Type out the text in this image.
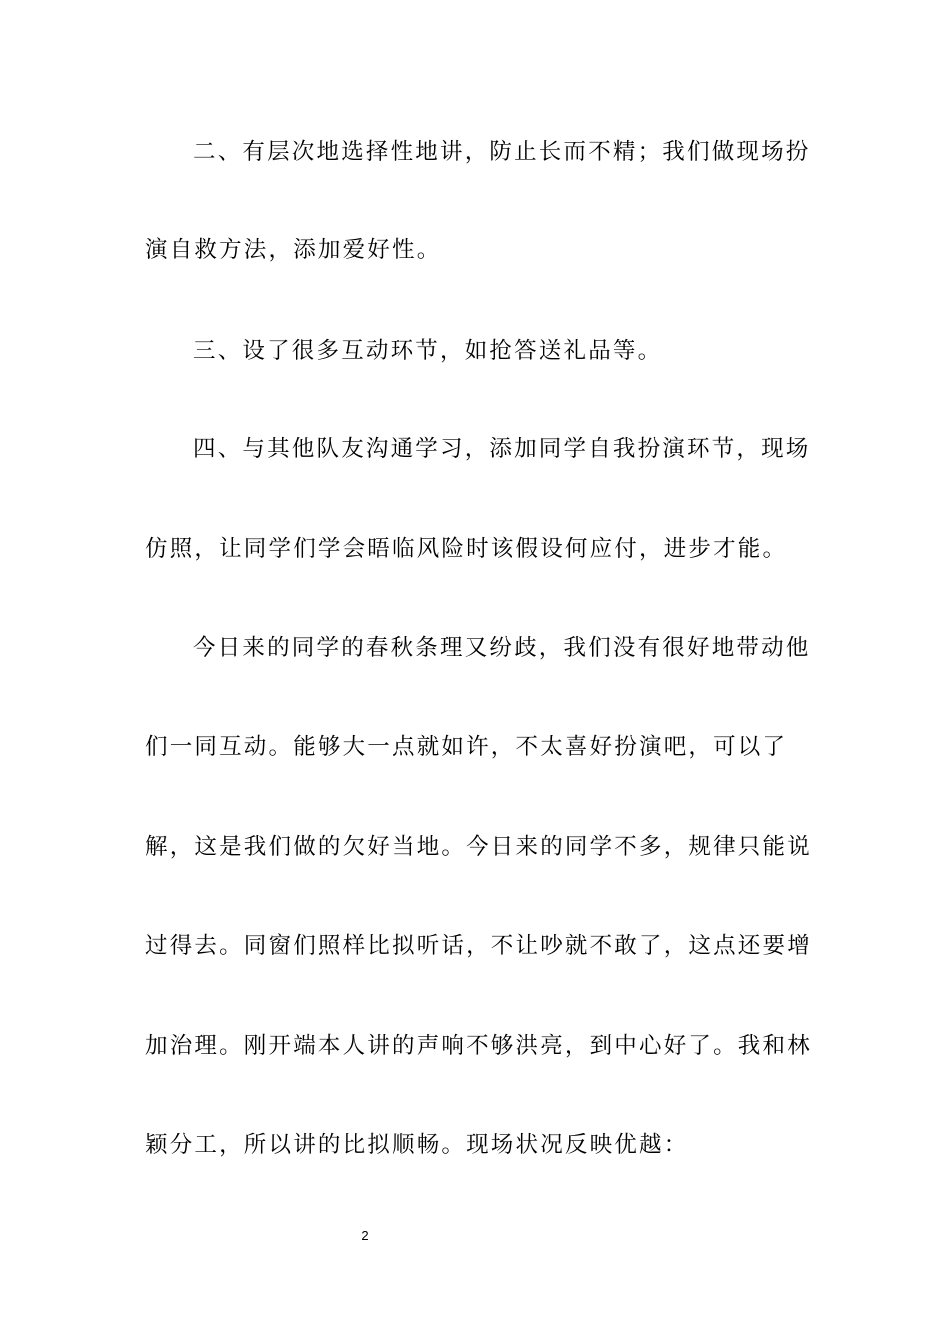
二、有层次地选择性地讲，防止长而不精；我们做现场扮

演自救方法，添加爱好性。

三、设了很多互动环节，如抢答送礼品等。

四、与其他队友沟通学习，添加同学自我扮演环节，现场

仿照，让同学们学会晤临风险时该假设何应付，进步才能。

今日来的同学的春秋条理又纷歧，我们没有很好地带动他

们一同互动。能够大一点就如许，不太喜好扮演吧，可以了

解，这是我们做的欠好当地。今日来的同学不多，规律只能说

过得去。同窗们照样比拟听话，不让吵就不敢了，这点还要增

加治理。刚开端本人讲的声响不够洪亮，到中心好了。我和林

颖分工，所以讲的比拟顺畅。现场状况反映优越：

2
